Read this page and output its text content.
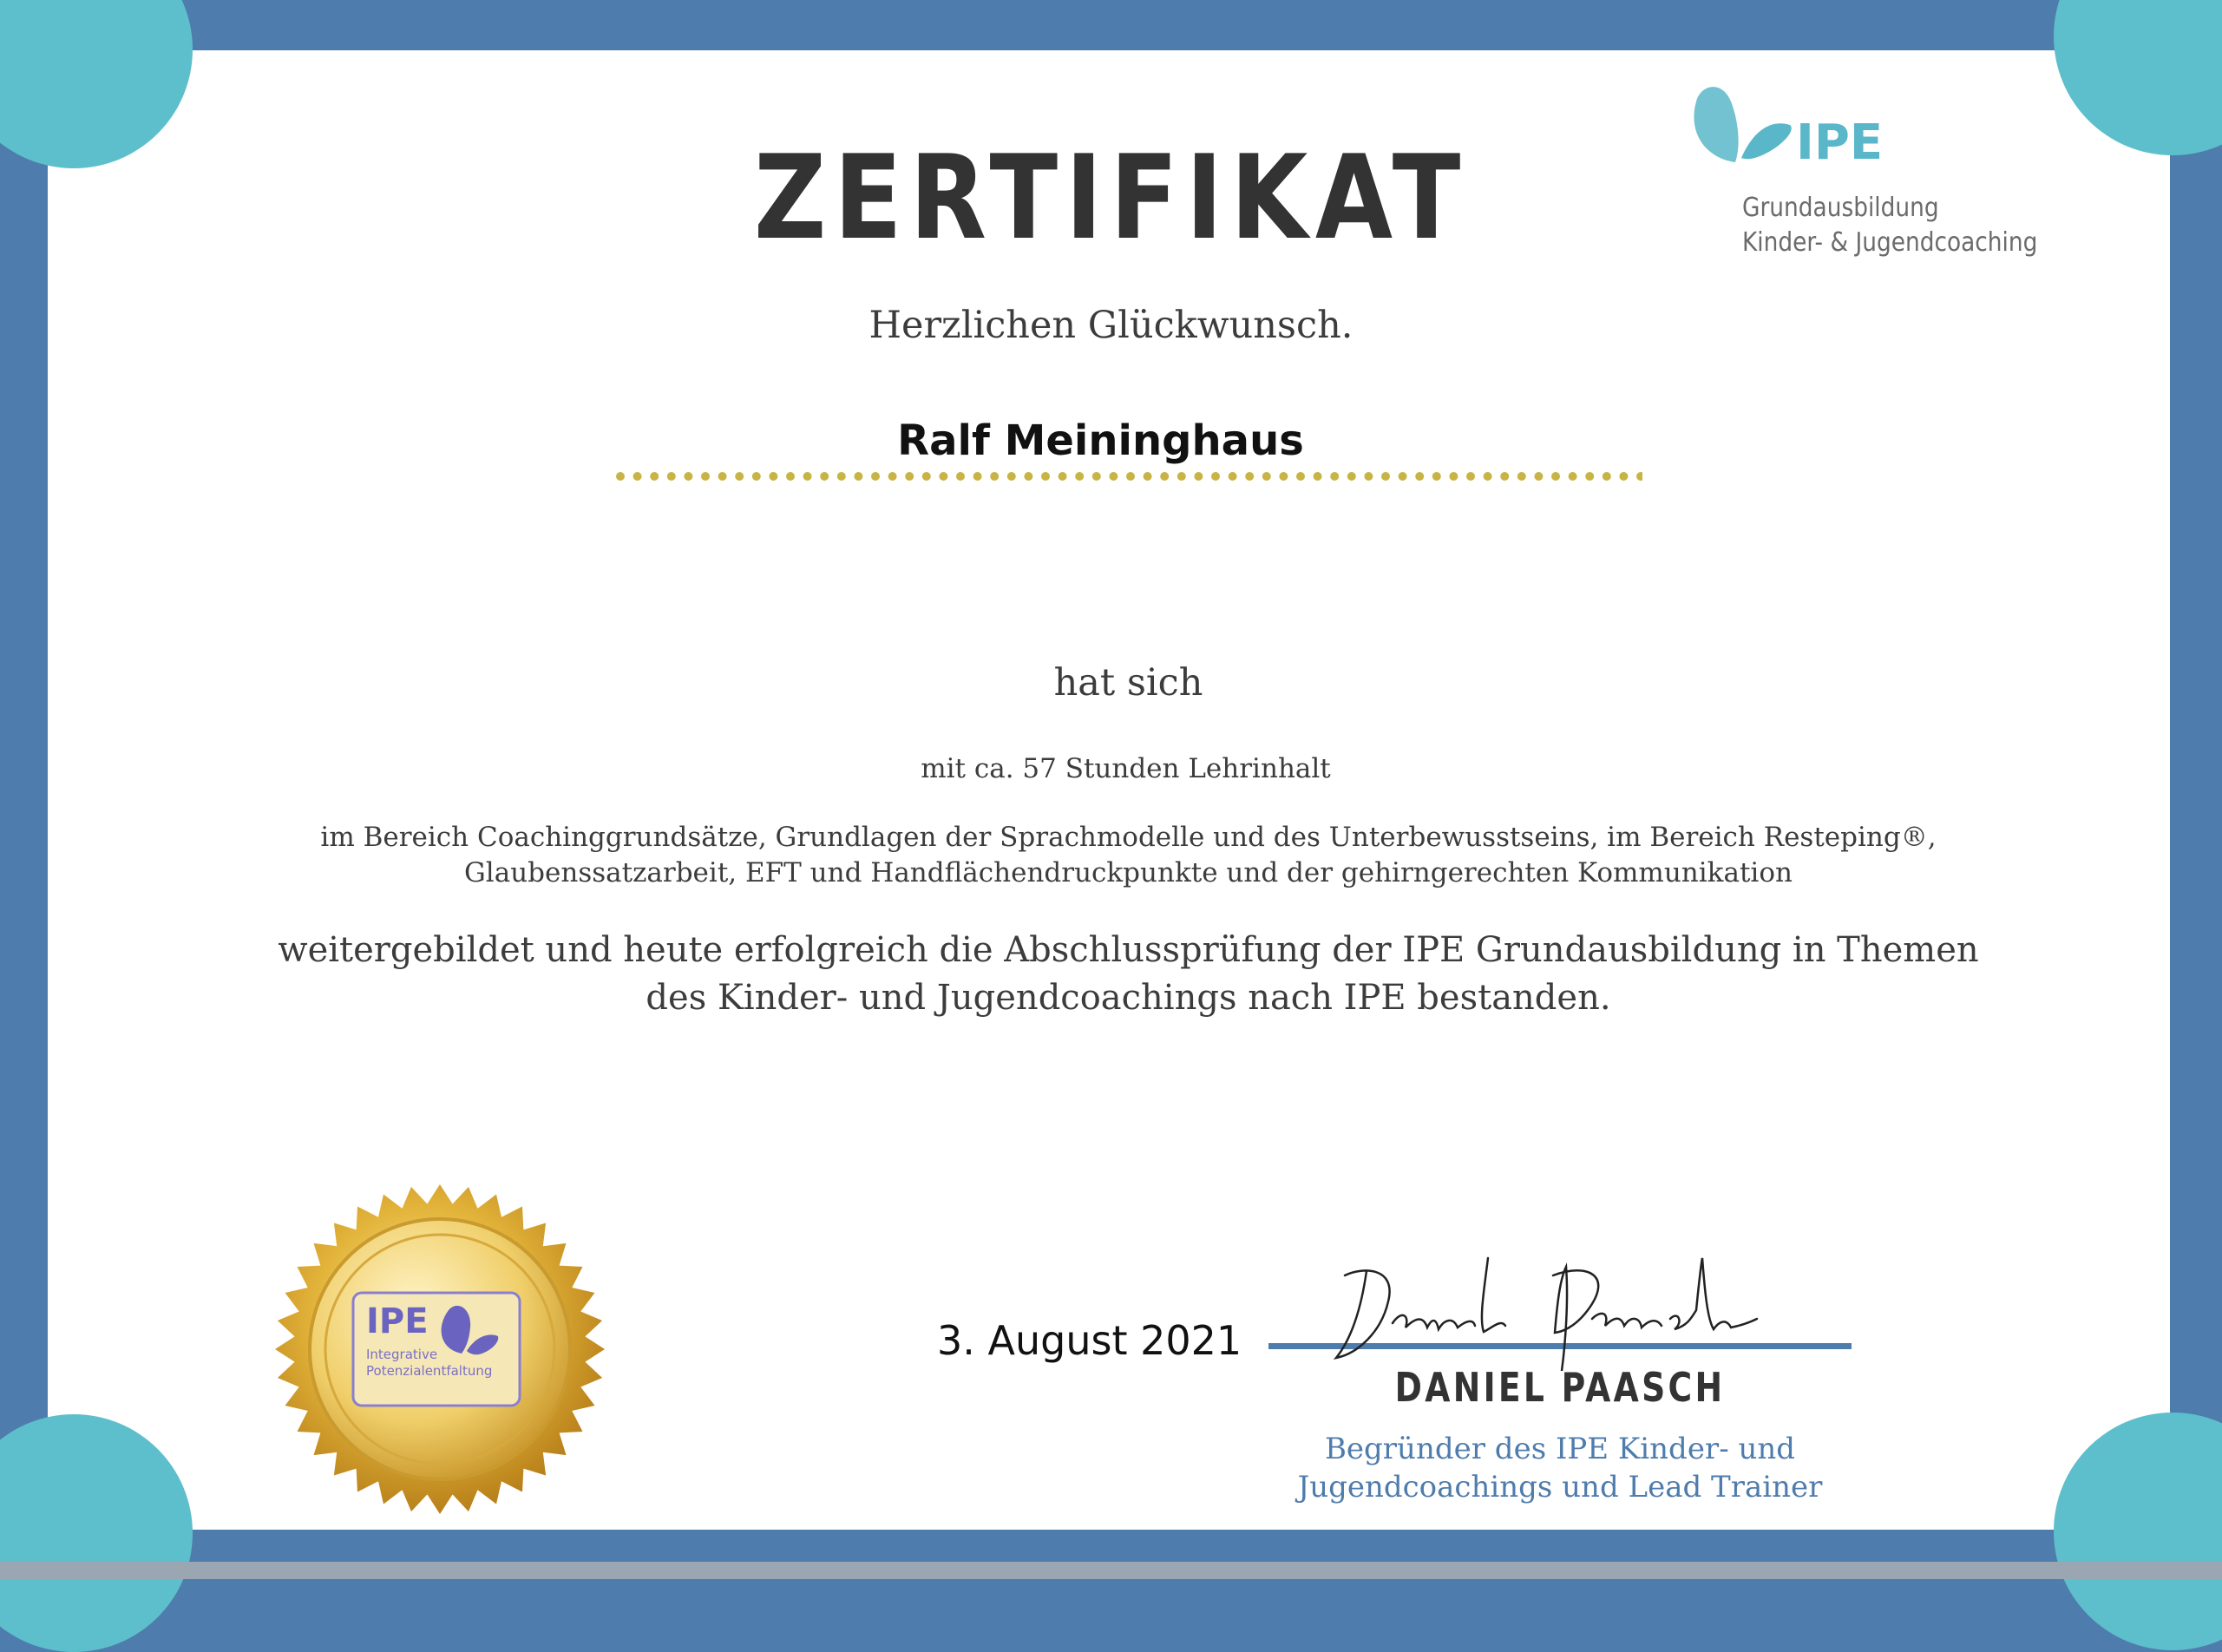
IPE
Grundausbildung
Kinder- & Jugendcoaching
ZERTIFIKAT
Herzlichen Glückwunsch.
Ralf Meininghaus
hat sich
mit ca. 57 Stunden Lehrinhalt
im Bereich Coachinggrundsätze, Grundlagen der Sprachmodelle und des Unterbewusstseins, im Bereich Resteping®,
Glaubenssatzarbeit, EFT und Handflächendruckpunkte und der gehirngerechten Kommunikation
weitergebildet und heute erfolgreich die Abschlussprüfung der IPE Grundausbildung in Themen
des Kinder- und Jugendcoachings nach IPE bestanden.
IPE
Integrative
Potenzialentfaltung
3. August 2021
DANIEL PAASCH
Begründer des IPE Kinder- und
Jugendcoachings und Lead Trainer
